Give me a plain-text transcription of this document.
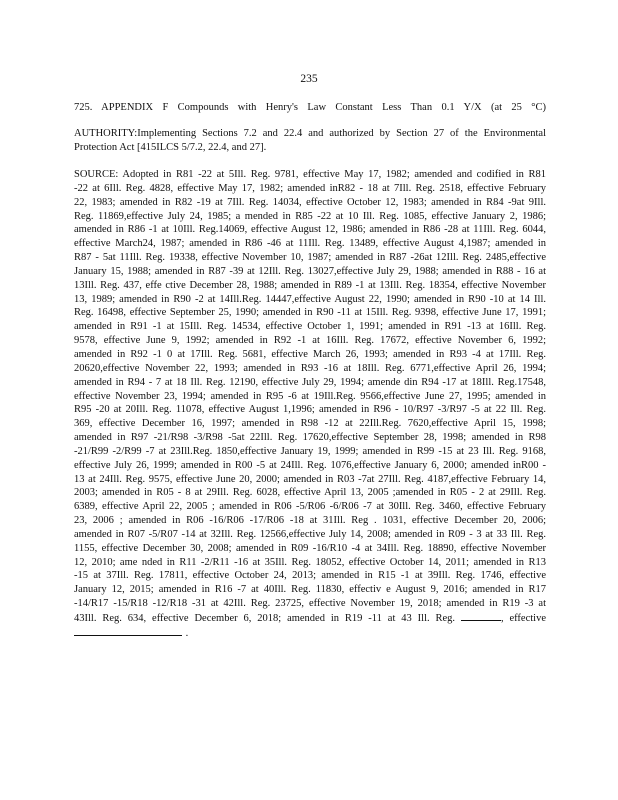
235
725. APPENDIX F Compounds with Henry's Law Constant Less Than 0.1 Y/X (at 25 °C)
AUTHORITY:Implementing Sections 7.2 and 22.4 and authorized by Section 27 of the Environmental Protection Act [415ILCS 5/7.2, 22.4, and 27].
SOURCE: Adopted in R81 -22 at 5Ill. Reg. 9781, effective May 17, 1982; amended and codified in R81 -22 at 6Ill. Reg. 4828, effective May 17, 1982; amended inR82 - 18 at 7Ill. Reg. 2518, effective February 22, 1983; amended in R82 -19 at 7Ill. Reg. 14034, effective October 12, 1983; amended in R84 -9at 9Ill. Reg. 11869,effective July 24, 1985; a mended in R85 -22 at 10 Ill. Reg. 1085, effective January 2, 1986; amended in R86 -1 at 10Ill. Reg.14069, effective August 12, 1986; amended in R86 -28 at 11Ill. Reg. 6044, effective March24, 1987; amended in R86 -46 at 11Ill. Reg. 13489, effective August 4,1987; amended in R87 - 5at 11Ill. Reg. 19338, effective November 10, 1987; amended in R87 -26at 12Ill. Reg. 2485,effective January 15, 1988; amended in R87 -39 at 12Ill. Reg. 13027,effective July 29, 1988; amended in R88 - 16 at 13Ill. Reg. 437, effe ctive December 28, 1988; amended in R89 -1 at 13Ill. Reg. 18354, effective November 13, 1989; amended in R90 -2 at 14Ill.Reg. 14447,effective August 22, 1990; amended in R90 -10 at 14 Ill. Reg. 16498, effective September 25, 1990; amended in R90 -11 at 15Ill. Reg. 9398, effective June 17, 1991; amended in R91 -1 at 15Ill. Reg. 14534, effective October 1, 1991; amended in R91 -13 at 16Ill. Reg. 9578, effective June 9, 1992; amended in R92 -1 at 16Ill. Reg. 17672, effective November 6, 1992; amended in R92 -1 0 at 17Ill. Reg. 5681, effective March 26, 1993; amended in R93 -4 at 17Ill. Reg. 20620,effective November 22, 1993; amended in R93 -16 at 18Ill. Reg. 6771,effective April 26, 1994; amended in R94 - 7 at 18 Ill. Reg. 12190, effective July 29, 1994; amende din R94 -17 at 18Ill. Reg.17548, effective November 23, 1994; amended in R95 -6 at 19Ill.Reg. 9566,effective June 27, 1995; amended in R95 -20 at 20Ill. Reg. 11078, effective August 1,1996; amended in R96 - 10/R97 -3/R97 -5 at 22 Ill. Reg. 369, effective December 16, 1997; amended in R98 -12 at 22Ill.Reg. 7620,effective April 15, 1998; amended in R97 -21/R98 -3/R98 -5at 22Ill. Reg. 17620,effective September 28, 1998; amended in R98 -21/R99 -2/R99 -7 at 23Ill.Reg. 1850,effective January 19, 1999; amended in R99 -15 at 23 Ill. Reg. 9168, effective July 26, 1999; amended in R00 -5 at 24Ill. Reg. 1076,effective January 6, 2000; amended inR00 - 13 at 24Ill. Reg. 9575, effective June 20, 2000; amended in R03 -7at 27Ill. Reg. 4187,effective February 14, 2003; amended in R05 - 8 at 29Ill. Reg. 6028, effective April 13, 2005 ;amended in R05 - 2 at 29Ill. Reg. 6389, effective April 22, 2005 ; amended in R06 -5/R06 -6/R06 -7 at 30Ill. Reg. 3460, effective February 23, 2006 ; amended in R06 -16/R06 -17/R06 -18 at 31Ill. Reg . 1031, effective December 20, 2006; amended in R07 -5/R07 -14 at 32Ill. Reg. 12566,effective July 14, 2008; amended in R09 - 3 at 33 Ill. Reg. 1155, effective December 30, 2008; amended in R09 -16/R10 -4 at 34Ill. Reg. 18890, effective November 12, 2010; ame nded in R11 -2/R11 -16 at 35Ill. Reg. 18052, effective October 14, 2011; amended in R13 -15 at 37Ill. Reg. 17811, effective October 24, 2013; amended in R15 -1 at 39Ill. Reg. 1746, effective January 12, 2015; amended in R16 -7 at 40Ill. Reg. 11830, effectiv e August 9, 2016; amended in R17 -14/R17 -15/R18 -12/R18 -31 at 42Ill. Reg. 23725, effective November 19, 2018; amended in R19 -3 at 43Ill. Reg. 634, effective December 6, 2018; amended in R19 -11 at 43 Ill. Reg.	, effective  .
